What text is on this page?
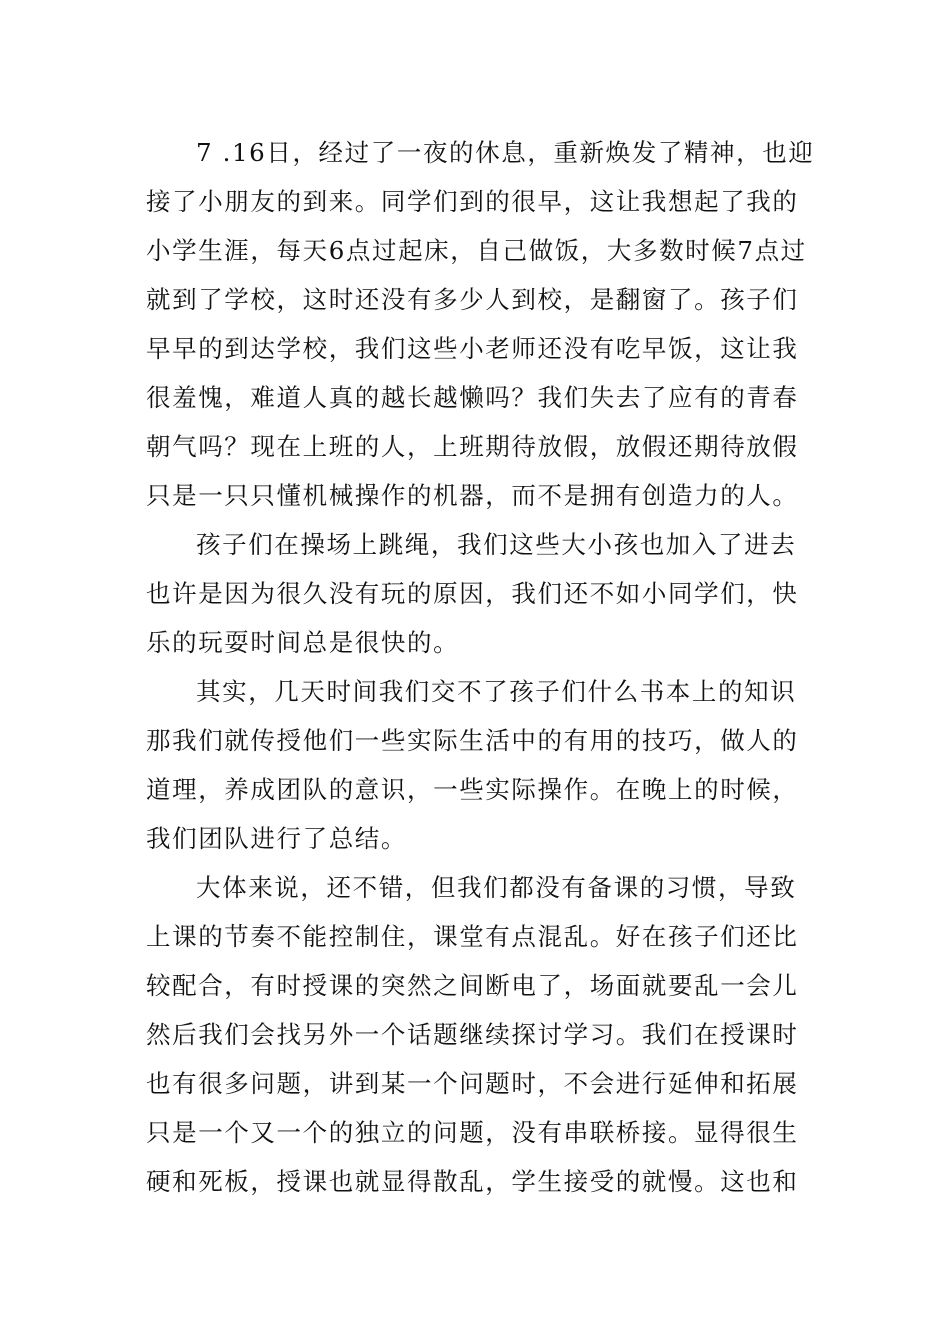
7 .16日，经过了一夜的休息，重新焕发了精神，也迎
接了小朋友的到来。同学们到的很早，这让我想起了我的
小学生涯，每天6点过起床，自己做饭，大多数时候7点过
就到了学校，这时还没有多少人到校，是翻窗了。孩子们
早早的到达学校，我们这些小老师还没有吃早饭，这让我
很羞愧，难道人真的越长越懒吗？我们失去了应有的青春
朝气吗？现在上班的人，上班期待放假，放假还期待放假
只是一只只懂机械操作的机器，而不是拥有创造力的人。
孩子们在操场上跳绳，我们这些大小孩也加入了进去
也许是因为很久没有玩的原因，我们还不如小同学们，快
乐的玩耍时间总是很快的。
其实，几天时间我们交不了孩子们什么书本上的知识
那我们就传授他们一些实际生活中的有用的技巧，做人的
道理，养成团队的意识，一些实际操作。在晚上的时候，
我们团队进行了总结。
大体来说，还不错，但我们都没有备课的习惯，导致
上课的节奏不能控制住，课堂有点混乱。好在孩子们还比
较配合，有时授课的突然之间断电了，场面就要乱一会儿
然后我们会找另外一个话题继续探讨学习。我们在授课时
也有很多问题，讲到某一个问题时，不会进行延伸和拓展
只是一个又一个的独立的问题，没有串联桥接。显得很生
硬和死板，授课也就显得散乱，学生接受的就慢。这也和
